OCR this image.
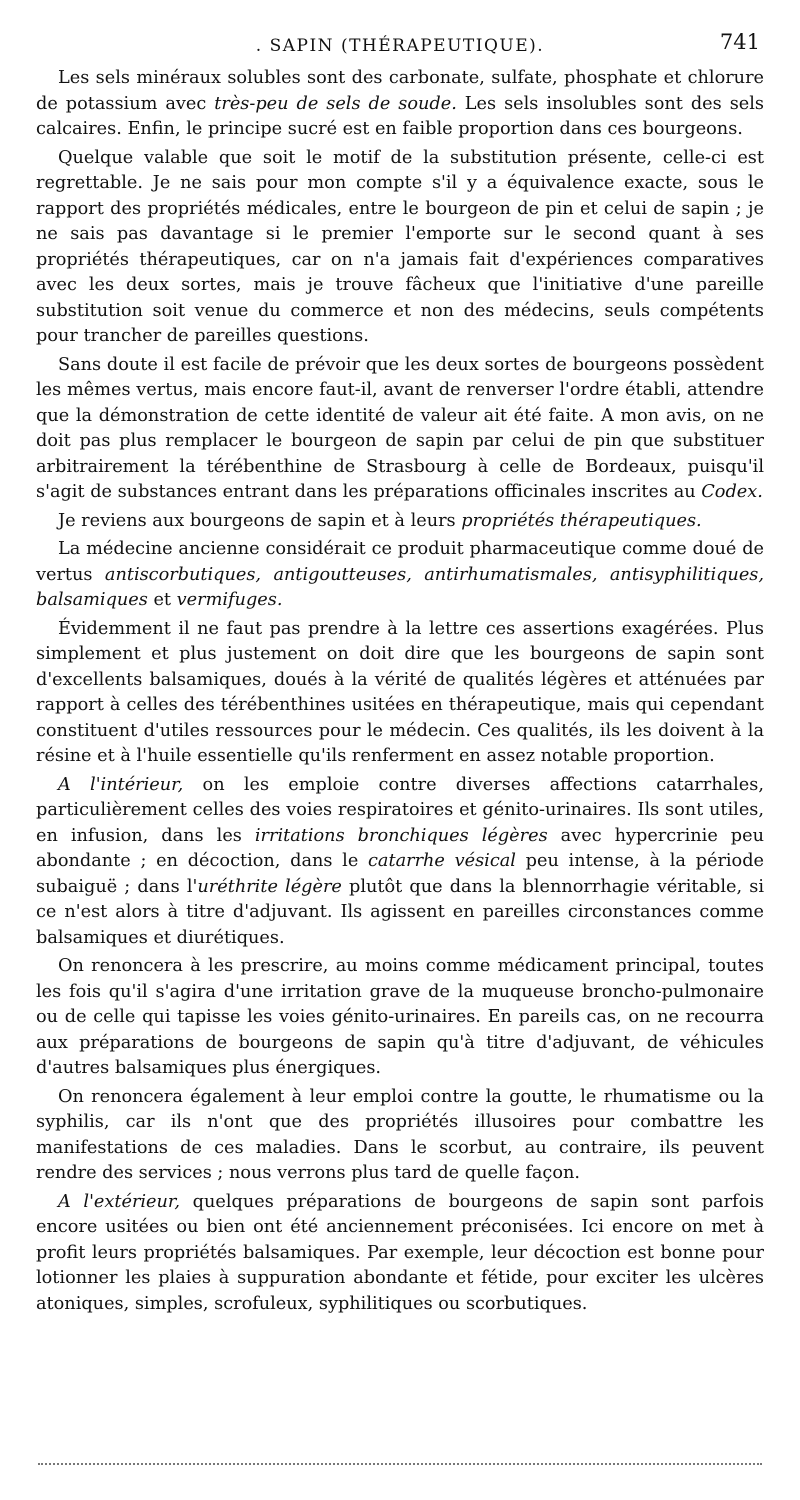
. SAPIN (THÉRAPEUTIQUE).	741

Les sels minéraux solubles sont des carbonate, sulfate, phosphate et chlorure de potassium avec très-peu de sels de soude. Les sels insolubles sont des sels calcaires. Enfin, le principe sucré est en faible proportion dans ces bourgeons.

Quelque valable que soit le motif de la substitution présente, celle-ci est regrettable. Je ne sais pour mon compte s'il y a équivalence exacte, sous le rapport des propriétés médicales, entre le bourgeon de pin et celui de sapin ; je ne sais pas davantage si le premier l'emporte sur le second quant à ses propriétés thérapeutiques, car on n'a jamais fait d'expériences comparatives avec les deux sortes, mais je trouve fâcheux que l'initiative d'une pareille substitution soit venue du commerce et non des médecins, seuls compétents pour trancher de pareilles questions.

Sans doute il est facile de prévoir que les deux sortes de bourgeons possèdent les mêmes vertus, mais encore faut-il, avant de renverser l'ordre établi, attendre que la démonstration de cette identité de valeur ait été faite. A mon avis, on ne doit pas plus remplacer le bourgeon de sapin par celui de pin que substituer arbitrairement la térébenthine de Strasbourg à celle de Bordeaux, puisqu'il s'agit de substances entrant dans les préparations officinales inscrites au Codex.

Je reviens aux bourgeons de sapin et à leurs propriétés thérapeutiques.

La médecine ancienne considérait ce produit pharmaceutique comme doué de vertus antiscorbutiques, antigoutteuses, antirhumatismales, antisyphilitiques, balsamiques et vermifuges.

Évidemment il ne faut pas prendre à la lettre ces assertions exagérées. Plus simplement et plus justement on doit dire que les bourgeons de sapin sont d'excellents balsamiques, doués à la vérité de qualités légères et atténuées par rapport à celles des térébenthines usitées en thérapeutique, mais qui cependant constituent d'utiles ressources pour le médecin. Ces qualités, ils les doivent à la résine et à l'huile essentielle qu'ils renferment en assez notable proportion.

A l'intérieur, on les emploie contre diverses affections catarrhales, particulièrement celles des voies respiratoires et génito-urinaires. Ils sont utiles, en infusion, dans les irritations bronchiques légères avec hypercrinie peu abondante ; en décoction, dans le catarrhe vésical peu intense, à la période subaiguë ; dans l'uréthrite légère plutôt que dans la blennorrhagie véritable, si ce n'est alors à titre d'adjuvant. Ils agissent en pareilles circonstances comme balsamiques et diurétiques.

On renoncera à les prescrire, au moins comme médicament principal, toutes les fois qu'il s'agira d'une irritation grave de la muqueuse broncho-pulmonaire ou de celle qui tapisse les voies génito-urinaires. En pareils cas, on ne recourra aux préparations de bourgeons de sapin qu'à titre d'adjuvant, de véhicules d'autres balsamiques plus énergiques.

On renoncera également à leur emploi contre la goutte, le rhumatisme ou la syphilis, car ils n'ont que des propriétés illusoires pour combattre les manifestations de ces maladies. Dans le scorbut, au contraire, ils peuvent rendre des services ; nous verrons plus tard de quelle façon.

A l'extérieur, quelques préparations de bourgeons de sapin sont parfois encore usitées ou bien ont été anciennement préconisées. Ici encore on met à profit leurs propriétés balsamiques. Par exemple, leur décoction est bonne pour lotionner les plaies à suppuration abondante et fétide, pour exciter les ulcères atoniques, simples, scrofuleux, syphilitiques ou scorbutiques.
